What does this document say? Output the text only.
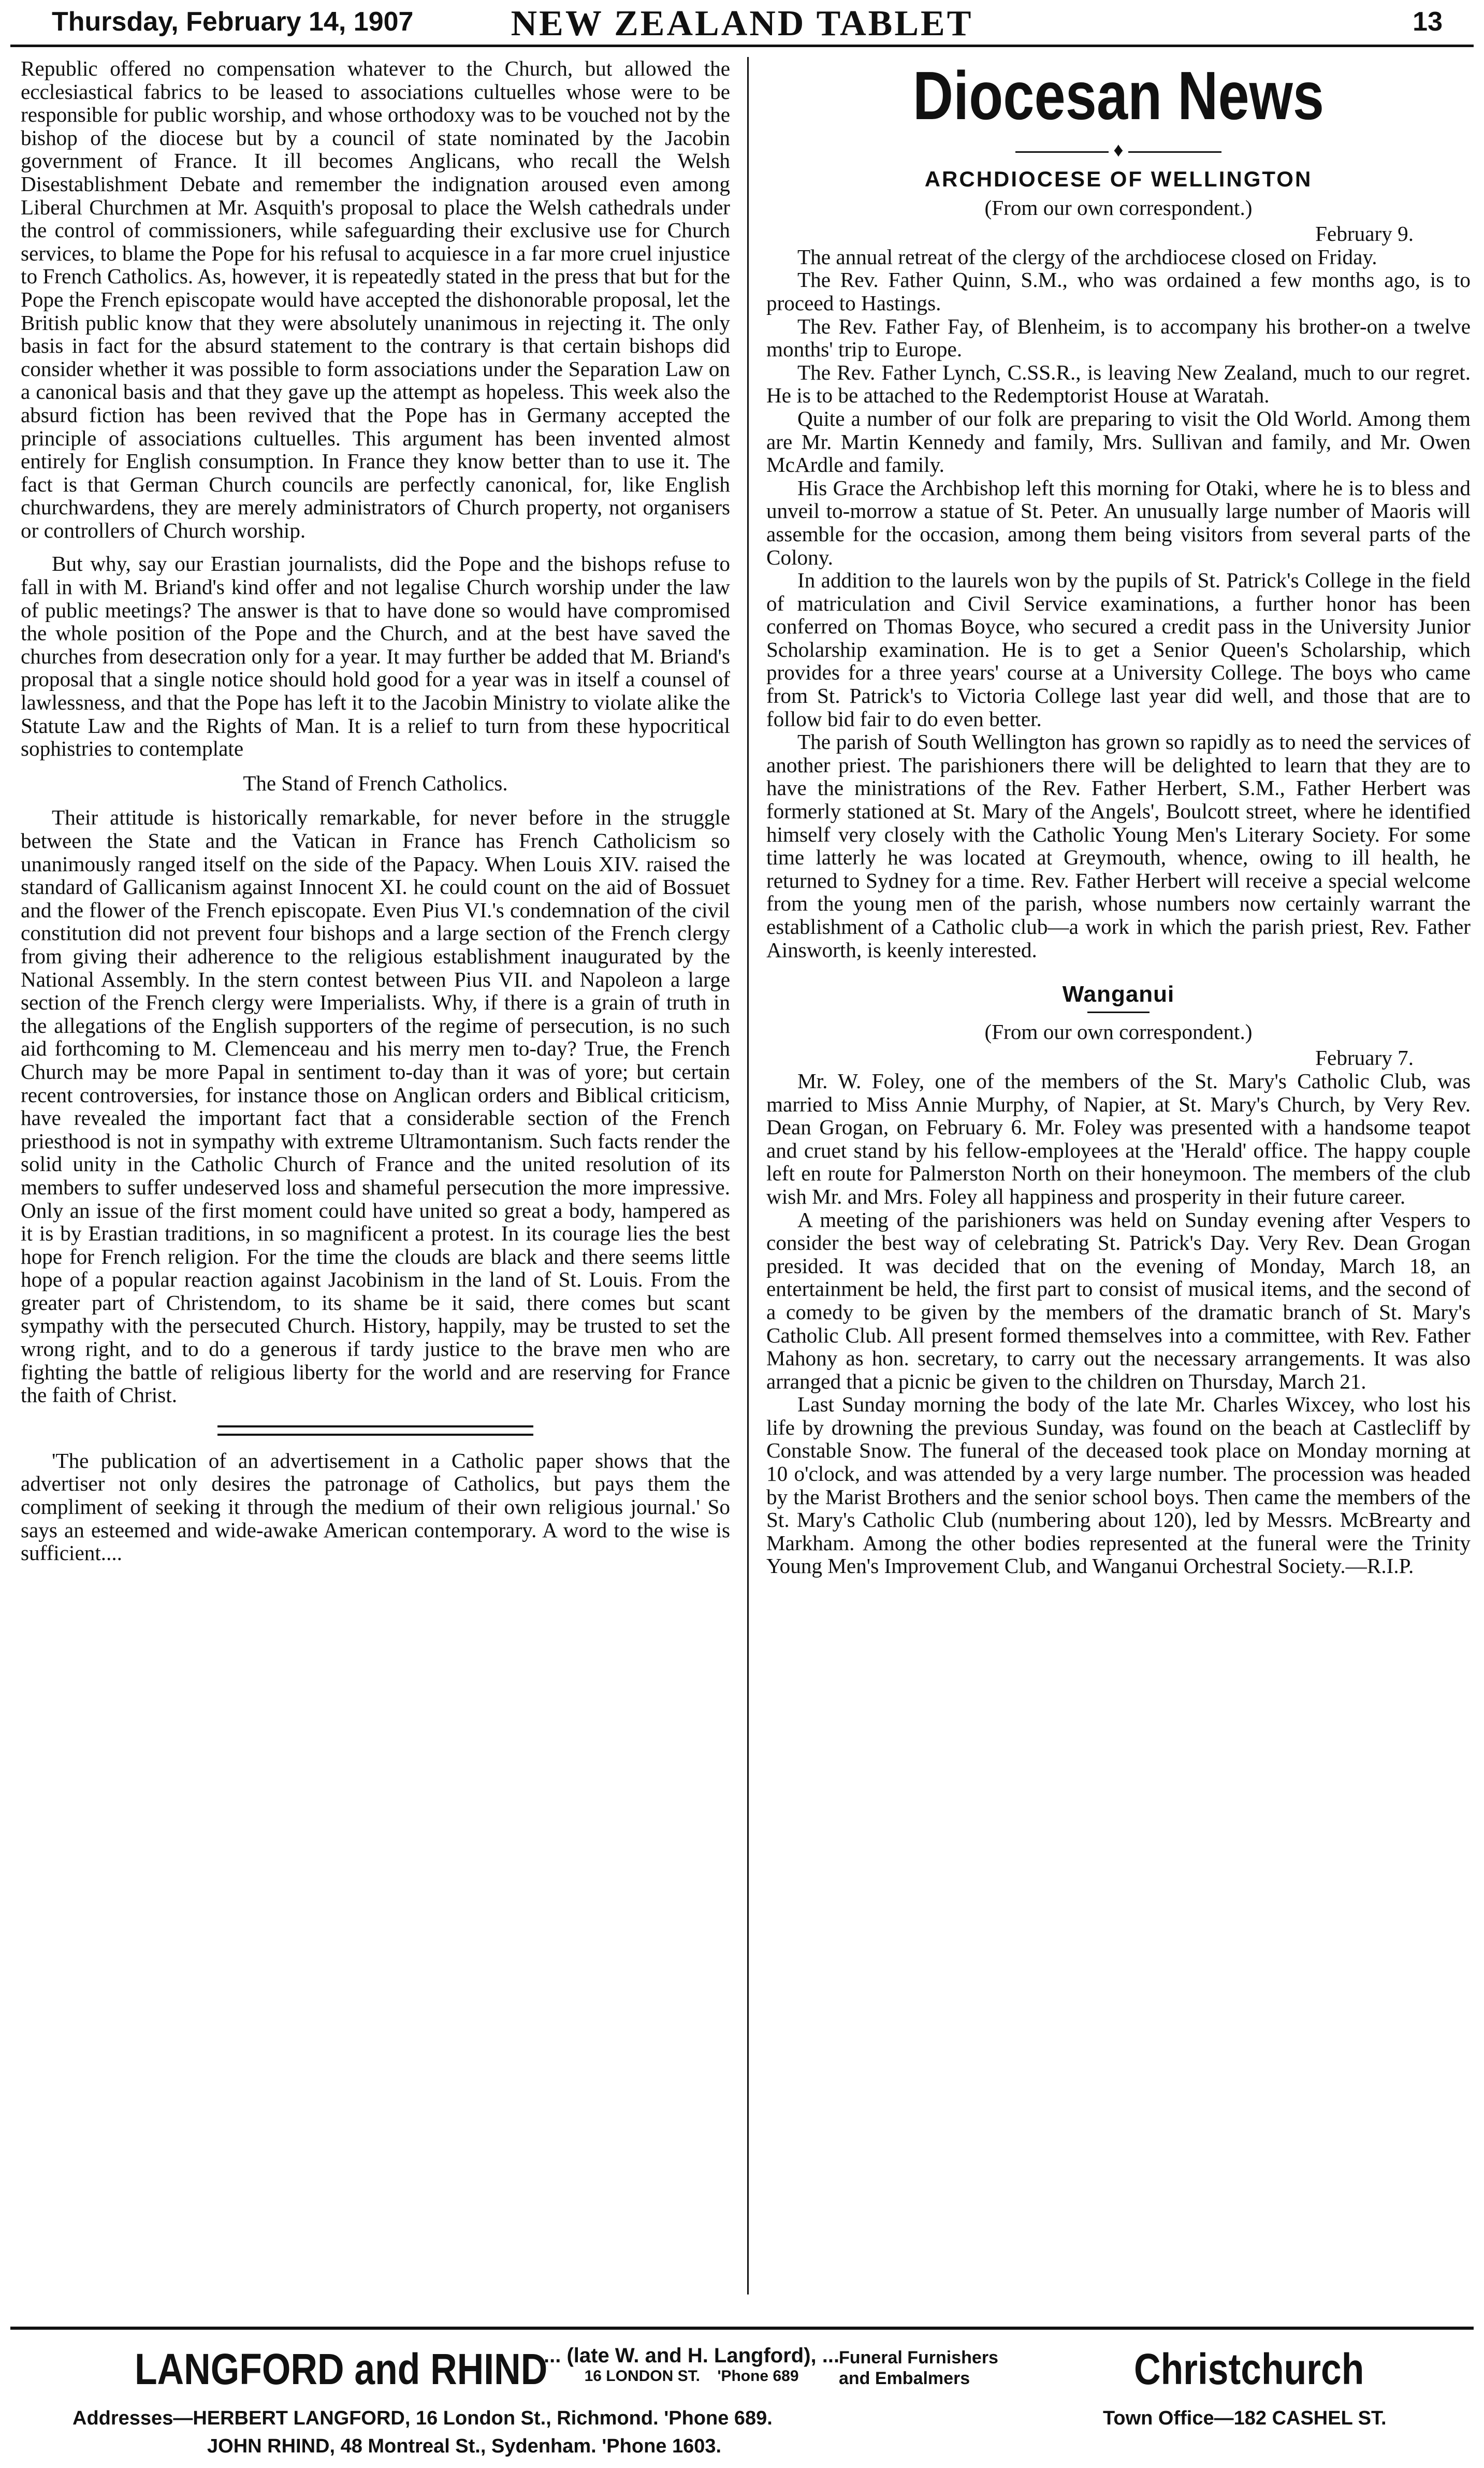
Thursday, February 14, 1907	NEW ZEALAND TABLET	13

Republic offered no compensation whatever to the Church, but allowed the ecclesiastical fabrics to be leased to associations cultuelles whose were to be responsible for public worship, and whose orthodoxy was to be vouched not by the bishop of the diocese but by a council of state nominated by the Jacobin government of France. It ill becomes Anglicans, who recall the Welsh Disestablishment Debate and remember the indignation aroused even among Liberal Churchmen at Mr. Asquith's proposal to place the Welsh cathedrals under the control of commissioners, while safeguarding their exclusive use for Church services, to blame the Pope for his refusal to acquiesce in a far more cruel injustice to French Catholics. As, however, it is repeatedly stated in the press that but for the Pope the French episcopate would have accepted the dishonorable proposal, let the British public know that they were absolutely unanimous in rejecting it. The only basis in fact for the absurd statement to the contrary is that certain bishops did consider whether it was possible to form associations under the Separation Law on a canonical basis and that they gave up the attempt as hopeless. This week also the absurd fiction has been revived that the Pope has in Germany accepted the principle of associations cultuelles. This argument has been invented almost entirely for English consumption. In France they know better than to use it. The fact is that German Church councils are perfectly canonical, for, like English churchwardens, they are merely administrators of Church property, not organisers or controllers of Church worship.

But why, say our Erastian journalists, did the Pope and the bishops refuse to fall in with M. Briand's kind offer and not legalise Church worship under the law of public meetings? The answer is that to have done so would have compromised the whole position of the Pope and the Church, and at the best have saved the churches from desecration only for a year. It may further be added that M. Briand's proposal that a single notice should hold good for a year was in itself a counsel of lawlessness, and that the Pope has left it to the Jacobin Ministry to violate alike the Statute Law and the Rights of Man. It is a relief to turn from these hypocritical sophistries to contemplate

The Stand of French Catholics.

Their attitude is historically remarkable, for never before in the struggle between the State and the Vatican in France has French Catholicism so unanimously ranged itself on the side of the Papacy. When Louis XIV. raised the standard of Gallicanism against Innocent XI. he could count on the aid of Bossuet and the flower of the French episcopate. Even Pius VI.'s condemnation of the civil constitution did not prevent four bishops and a large section of the French clergy from giving their adherence to the religious establishment inaugurated by the National Assembly. In the stern contest between Pius VII. and Napoleon a large section of the French clergy were Imperialists. Why, if there is a grain of truth in the allegations of the English supporters of the regime of persecution, is no such aid forthcoming to M. Clemenceau and his merry men to-day? True, the French Church may be more Papal in sentiment to-day than it was of yore; but certain recent controversies, for instance those on Anglican orders and Biblical criticism, have revealed the important fact that a considerable section of the French priesthood is not in sympathy with extreme Ultramontanism. Such facts render the solid unity in the Catholic Church of France and the united resolution of its members to suffer undeserved loss and shameful persecution the more impressive. Only an issue of the first moment could have united so great a body, hampered as it is by Erastian traditions, in so magnificent a protest. In its courage lies the best hope for French religion. For the time the clouds are black and there seems little hope of a popular reaction against Jacobinism in the land of St. Louis. From the greater part of Christendom, to its shame be it said, there comes but scant sympathy with the persecuted Church. History, happily, may be trusted to set the wrong right, and to do a generous if tardy justice to the brave men who are fighting the battle of religious liberty for the world and are reserving for France the faith of Christ.

'The publication of an advertisement in a Catholic paper shows that the advertiser not only desires the patronage of Catholics, but pays them the compliment of seeking it through the medium of their own religious journal.' So says an esteemed and wide-awake American contemporary. A word to the wise is sufficient....

Diocesan News
♦
ARCHDIOCESE OF WELLINGTON
(From our own correspondent.)
February 9.

The annual retreat of the clergy of the archdiocese closed on Friday.

The Rev. Father Quinn, S.M., who was ordained a few months ago, is to proceed to Hastings.

The Rev. Father Fay, of Blenheim, is to accompany his brother-on a twelve months' trip to Europe.

The Rev. Father Lynch, C.SS.R., is leaving New Zealand, much to our regret. He is to be attached to the Redemptorist House at Waratah.

Quite a number of our folk are preparing to visit the Old World. Among them are Mr. Martin Kennedy and family, Mrs. Sullivan and family, and Mr. Owen McArdle and family.

His Grace the Archbishop left this morning for Otaki, where he is to bless and unveil to-morrow a statue of St. Peter. An unusually large number of Maoris will assemble for the occasion, among them being visitors from several parts of the Colony.

In addition to the laurels won by the pupils of St. Patrick's College in the field of matriculation and Civil Service examinations, a further honor has been conferred on Thomas Boyce, who secured a credit pass in the University Junior Scholarship examination. He is to get a Senior Queen's Scholarship, which provides for a three years' course at a University College. The boys who came from St. Patrick's to Victoria College last year did well, and those that are to follow bid fair to do even better.

The parish of South Wellington has grown so rapidly as to need the services of another priest. The parishioners there will be delighted to learn that they are to have the ministrations of the Rev. Father Herbert, S.M., Father Herbert was formerly stationed at St. Mary of the Angels', Boulcott street, where he identified himself very closely with the Catholic Young Men's Literary Society. For some time latterly he was located at Greymouth, whence, owing to ill health, he returned to Sydney for a time. Rev. Father Herbert will receive a special welcome from the young men of the parish, whose numbers now certainly warrant the establishment of a Catholic club—a work in which the parish priest, Rev. Father Ainsworth, is keenly interested.

Wanganui
(From our own correspondent.)
February 7.

Mr. W. Foley, one of the members of the St. Mary's Catholic Club, was married to Miss Annie Murphy, of Napier, at St. Mary's Church, by Very Rev. Dean Grogan, on February 6. Mr. Foley was presented with a handsome teapot and cruet stand by his fellow-employees at the 'Herald' office. The happy couple left en route for Palmerston North on their honeymoon. The members of the club wish Mr. and Mrs. Foley all happiness and prosperity in their future career.

A meeting of the parishioners was held on Sunday evening after Vespers to consider the best way of celebrating St. Patrick's Day. Very Rev. Dean Grogan presided. It was decided that on the evening of Monday, March 18, an entertainment be held, the first part to consist of musical items, and the second of a comedy to be given by the members of the dramatic branch of St. Mary's Catholic Club. All present formed themselves into a committee, with Rev. Father Mahony as hon. secretary, to carry out the necessary arrangements. It was also arranged that a picnic be given to the children on Thursday, March 21.

Last Sunday morning the body of the late Mr. Charles Wixcey, who lost his life by drowning the previous Sunday, was found on the beach at Castlecliff by Constable Snow. The funeral of the deceased took place on Monday morning at 10 o'clock, and was attended by a very large number. The procession was headed by the Marist Brothers and the senior school boys. Then came the members of the St. Mary's Catholic Club (numbering about 120), led by Messrs. McBrearty and Markham. Among the other bodies represented at the funeral were the Trinity Young Men's Improvement Club, and Wanganui Orchestral Society.—R.I.P.

LANGFORD and RHIND
... (late W. and H. Langford), ...
16 LONDON ST. 'Phone 689
Funeral Furnishers
and Embalmers	Christchurch
Addresses—HERBERT LANGFORD, 16 London St., Richmond. 'Phone 689.
JOHN RHIND, 48 Montreal St., Sydenham. 'Phone 1603.
Town Office—182 CASHEL ST.
